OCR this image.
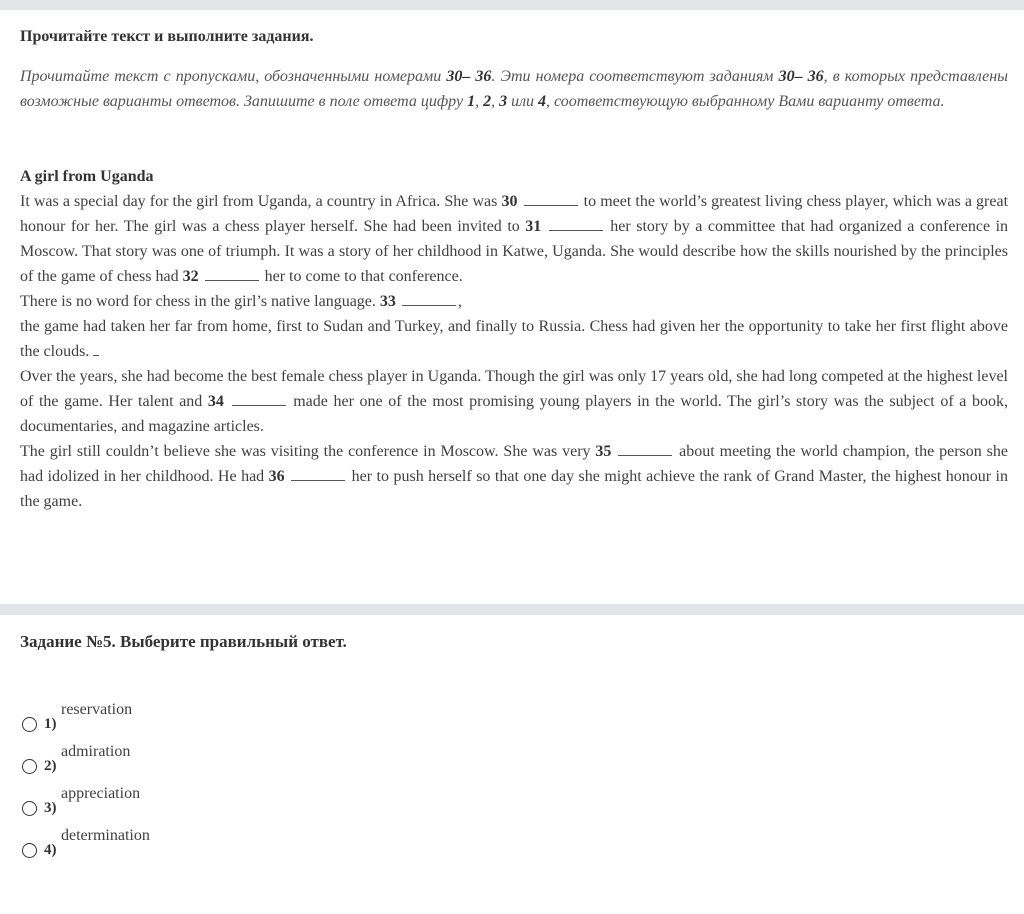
Прочитайте текст и выполните задания.
Прочитайте текст с пропусками, обозначенными номерами 30– 36. Эти номера соответствуют заданиям 30– 36, в которых представлены возможные варианты ответов. Запишите в поле ответа цифру 1, 2, 3 или 4, соответствующую выбранному Вами варианту ответа.
A girl from Uganda

It was a special day for the girl from Uganda, a country in Africa. She was 30	to meet the world’s greatest living chess player, which was a great honour for her. The girl was a chess player herself. She had been invited to 31	her story by a committee that had organized a conference in Moscow. That story was one of triumph. It was a story of her childhood in Katwe, Uganda. She would describe how the skills nourished by the principles of the game of chess had 32	her to come to that conference.

There is no word for chess in the girl’s native language. 33	,

the game had taken her far from home, first to Sudan and Turkey, and finally to Russia. Chess had given her the opportunity to take her first flight above the clouds.

Over the years, she had become the best female chess player in Uganda. Though the girl was only 17 years old, she had long competed at the highest level of the game. Her talent and 34	made her one of the most promising young players in the world. The girl’s story was the subject of a book, documentaries, and magazine articles.

The girl still couldn’t believe she was visiting the conference in Moscow. She was very 35	about meeting the world champion, the person she had idolized in her childhood. He had 36	her to push herself so that one day she might achieve the rank of Grand Master, the highest honour in the game.

Задание №5. Выберите правильный ответ.
1)
reservation
2)
admiration
3)
appreciation
4)
determination
